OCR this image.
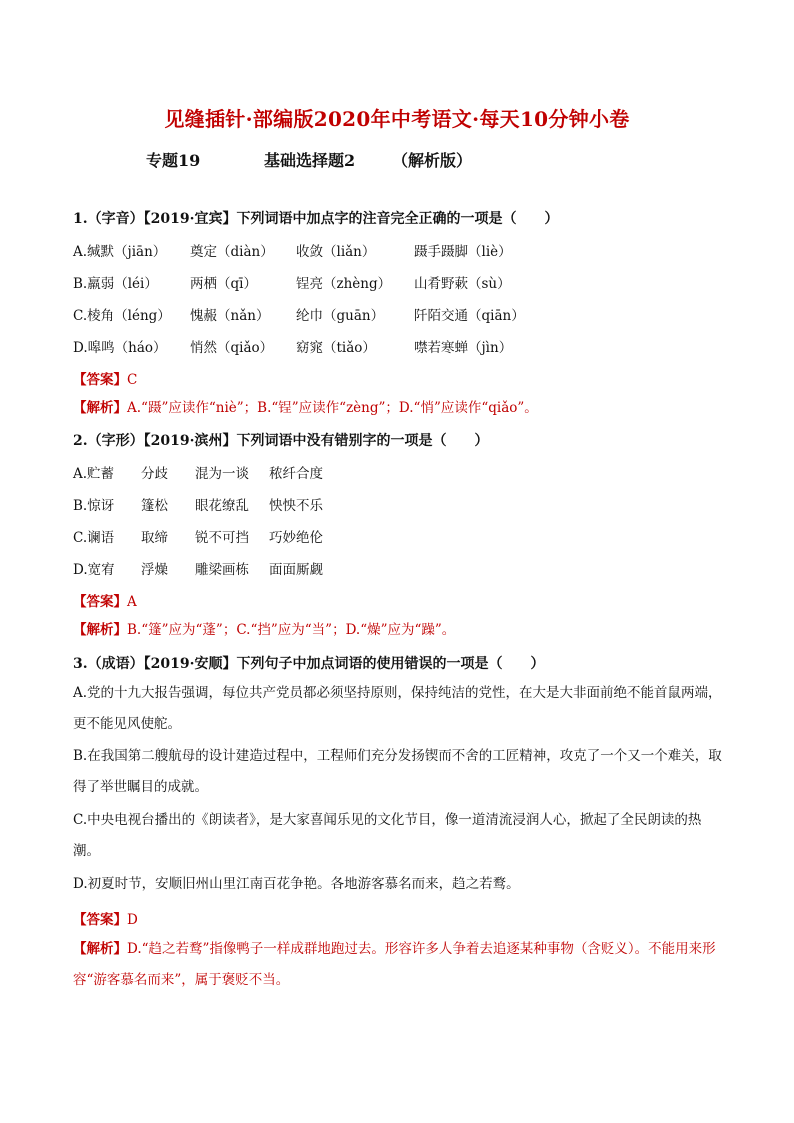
见缝插针·部编版2020年中考语文·每天10分钟小卷
专题19	基础选择题2 （解析版）
1.（字音）【2019·宜宾】下列词语中加点字的注音完全正确的一项是（　　）
A.缄默（jiān） 奠定（diàn） 收敛（liǎn）	蹑手蹑脚（liè）
B.羸弱（léi） 两栖（qī）	锃亮（zhèng） 山肴野蔌（sù）
C.棱角（léng） 愧赧（nǎn） 纶巾（guān） 阡陌交通（qiān）
D.嗥鸣（háo） 悄然（qiǎo） 窈窕（tiǎo）	噤若寒蝉（jìn）
【答案】C
【解析】A.“蹑”应读作“niè”；B.“锃”应读作“zèng”；D.“悄”应读作“qiǎo”。
2.（字形）【2019·滨州】下列词语中没有错别字的一项是（　　）
A.贮蓄 分歧 混为一谈 秾纤合度
B.惊讶 篷松 眼花缭乱 怏怏不乐
C.谰语 取缔 锐不可挡 巧妙绝伦
D.宽宥 浮燥 雕梁画栋 面面厮觑
【答案】A
【解析】B.“篷”应为“蓬”；C.“挡”应为“当”；D.“燥”应为“躁”。
3.（成语）【2019·安顺】下列句子中加点词语的使用错误的一项是（　　）
A.党的十九大报告强调，每位共产党员都必须坚持原则，保持纯洁的党性，在大是大非面前绝不能首鼠两端，更不能见风使舵。
B.在我国第二艘航母的设计建造过程中，工程师们充分发扬锲而不舍的工匠精神，攻克了一个又一个难关，取得了举世瞩目的成就。
C.中央电视台播出的《朗读者》，是大家喜闻乐见的文化节目，像一道清流浸润人心，掀起了全民朗读的热潮。
D.初夏时节，安顺旧州山里江南百花争艳。各地游客慕名而来，趋之若鹜。
【答案】D
【解析】D.“趋之若鹜”指像鸭子一样成群地跑过去。形容许多人争着去追逐某种事物（含贬义）。不能用来形容“游客慕名而来”，属于褒贬不当。
